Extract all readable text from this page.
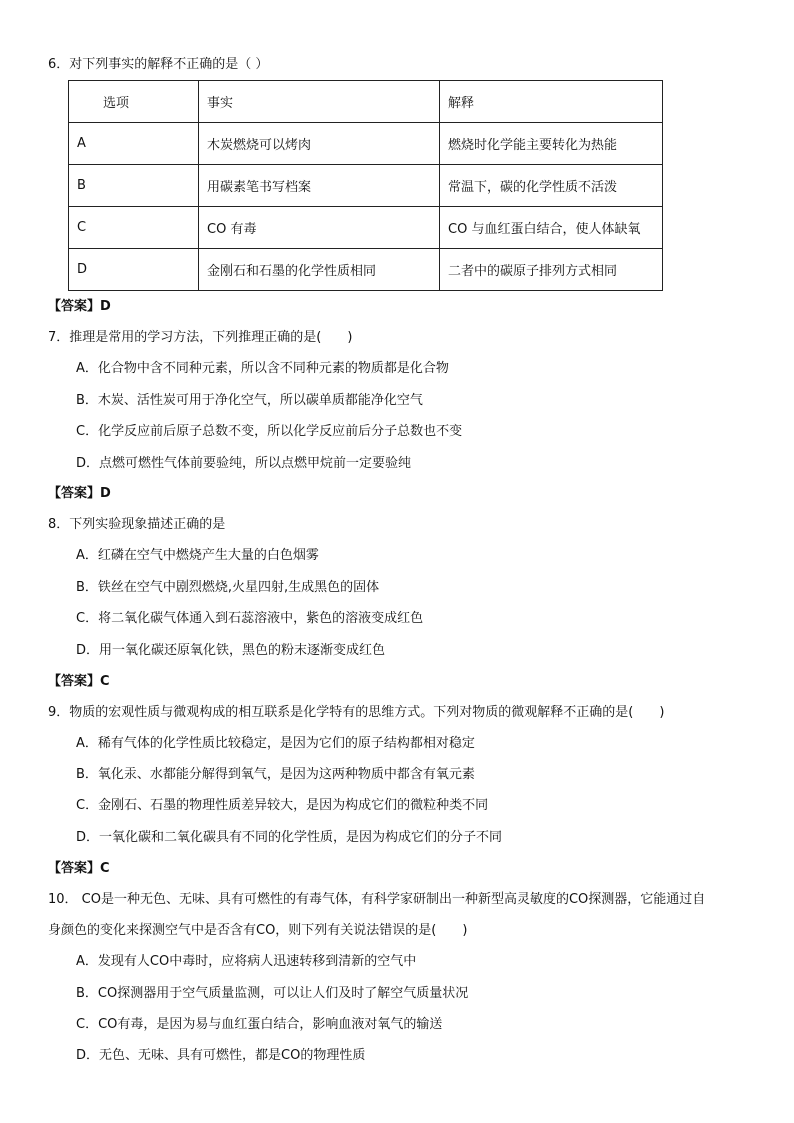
6．对下列事实的解释不正确的是（ ）
选项	事实	解释
A	木炭燃烧可以烤肉	燃烧时化学能主要转化为热能
B	用碳素笔书写档案	常温下，碳的化学性质不活泼
C	CO 有毒	CO 与血红蛋白结合，使人体缺氧
D	金刚石和石墨的化学性质相同	二者中的碳原子排列方式相同
【答案】D
7．推理是常用的学习方法，下列推理正确的是(　　)
A．化合物中含不同种元素，所以含不同种元素的物质都是化合物
B．木炭、活性炭可用于净化空气，所以碳单质都能净化空气
C．化学反应前后原子总数不变，所以化学反应前后分子总数也不变
D．点燃可燃性气体前要验纯，所以点燃甲烷前一定要验纯
【答案】D
8．下列实验现象描述正确的是
A．红磷在空气中燃烧产生大量的白色烟雾
B．铁丝在空气中剧烈燃烧,火星四射,生成黑色的固体
C．将二氧化碳气体通入到石蕊溶液中，紫色的溶液变成红色
D．用一氧化碳还原氧化铁，黑色的粉末逐渐变成红色
【答案】C
9．物质的宏观性质与微观构成的相互联系是化学特有的思维方式。下列对物质的微观解释不正确的是(　　)
A．稀有气体的化学性质比较稳定，是因为它们的原子结构都相对稳定
B．氧化汞、水都能分解得到氧气，是因为这两种物质中都含有氧元素
C．金刚石、石墨的物理性质差异较大，是因为构成它们的微粒种类不同
D．一氧化碳和二氧化碳具有不同的化学性质，是因为构成它们的分子不同
【答案】C
10． CO是一种无色、无味、具有可燃性的有毒气体，有科学家研制出一种新型高灵敏度的CO探测器，它能通过自
身颜色的变化来探测空气中是否含有CO，则下列有关说法错误的是(　　)
A．发现有人CO中毒时，应将病人迅速转移到清新的空气中
B．CO探测器用于空气质量监测，可以让人们及时了解空气质量状况
C．CO有毒，是因为易与血红蛋白结合，影响血液对氧气的输送
D．无色、无味、具有可燃性，都是CO的物理性质
